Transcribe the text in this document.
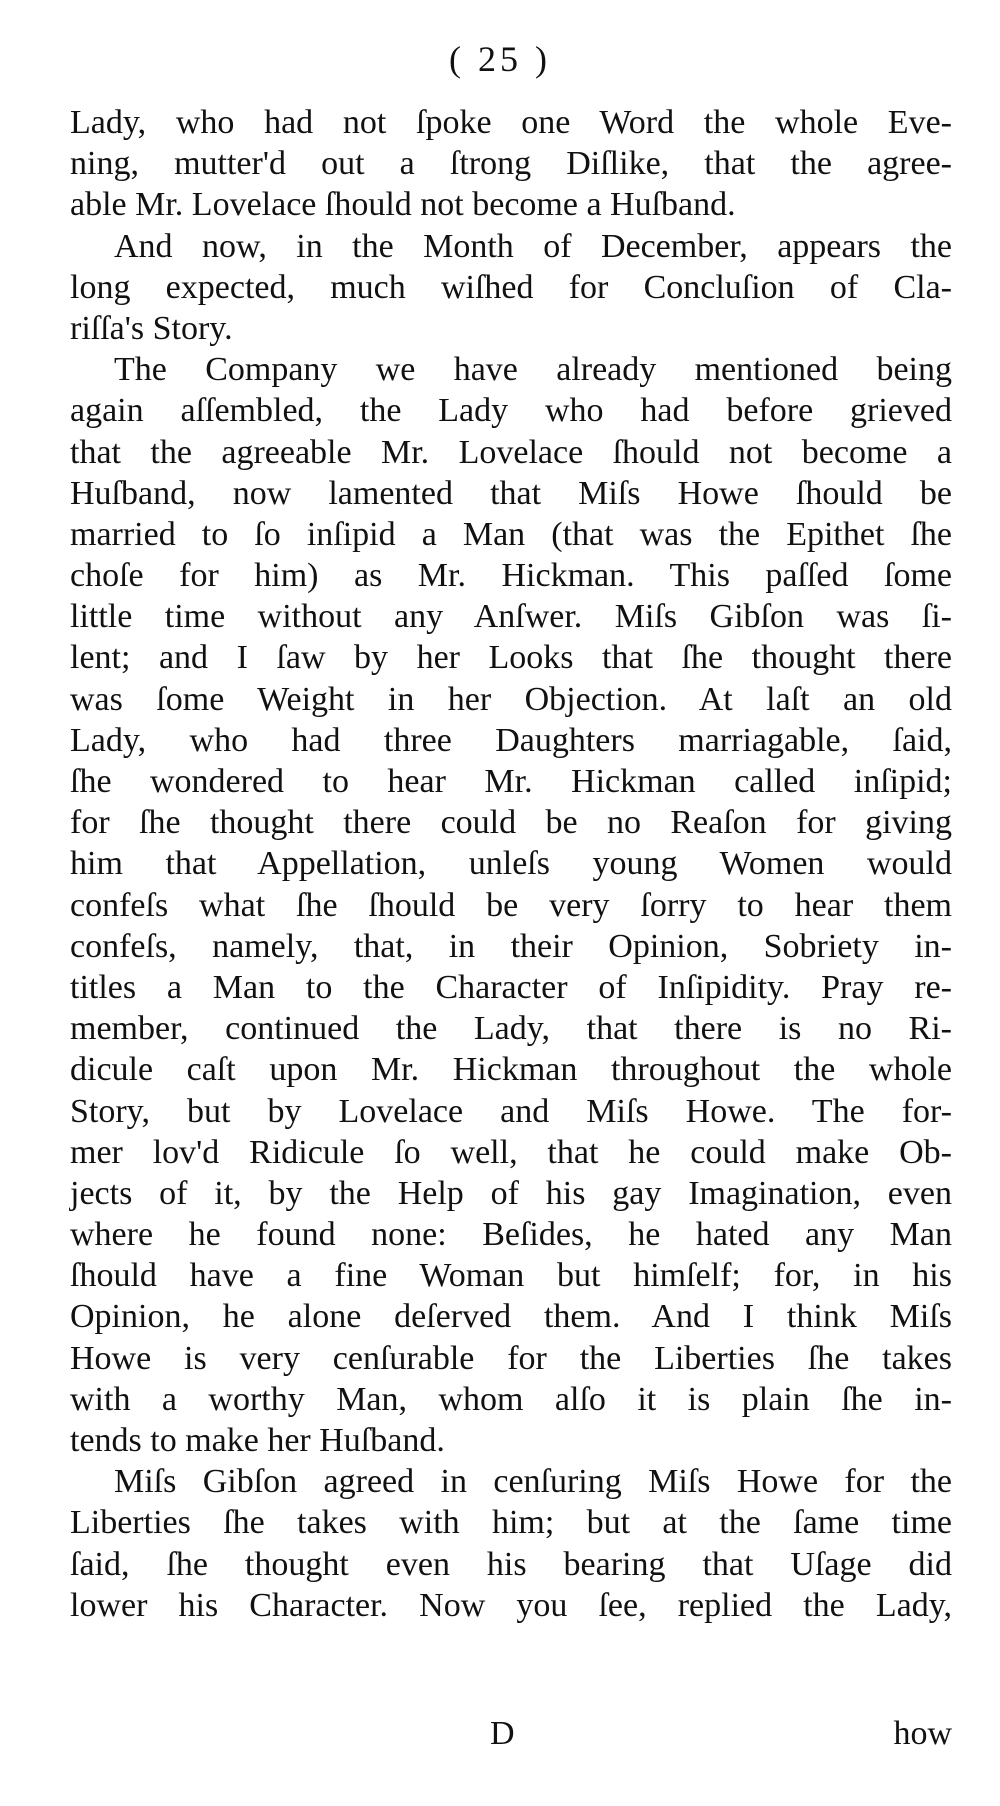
( 25 )
Lady, who had not ſpoke one Word the whole Eve-
ning, mutter'd out a ſtrong Diſlike, that the agree-
able Mr. Lovelace ſhould not become a Huſband.
And now, in the Month of December, appears the
long expected, much wiſhed for Concluſion of Cla-
riſſa's Story.
The Company we have already mentioned being
again aſſembled, the Lady who had before grieved
that the agreeable Mr. Lovelace ſhould not become a
Huſband, now lamented that Miſs Howe ſhould be
married to ſo inſipid a Man (that was the Epithet ſhe
choſe for him) as Mr. Hickman. This paſſed ſome
little time without any Anſwer. Miſs Gibſon was ſi-
lent; and I ſaw by her Looks that ſhe thought there
was ſome Weight in her Objection. At laſt an old
Lady, who had three Daughters marriagable, ſaid,
ſhe wondered to hear Mr. Hickman called inſipid;
for ſhe thought there could be no Reaſon for giving
him that Appellation, unleſs young Women would
confeſs what ſhe ſhould be very ſorry to hear them
confeſs, namely, that, in their Opinion, Sobriety in-
titles a Man to the Character of Inſipidity. Pray re-
member, continued the Lady, that there is no Ri-
dicule caſt upon Mr. Hickman throughout the whole
Story, but by Lovelace and Miſs Howe. The for-
mer lov'd Ridicule ſo well, that he could make Ob-
jects of it, by the Help of his gay Imagination, even
where he found none: Beſides, he hated any Man
ſhould have a fine Woman but himſelf; for, in his
Opinion, he alone deſerved them. And I think Miſs
Howe is very cenſurable for the Liberties ſhe takes
with a worthy Man, whom alſo it is plain ſhe in-
tends to make her Huſband.
Miſs Gibſon agreed in cenſuring Miſs Howe for the
Liberties ſhe takes with him; but at the ſame time
ſaid, ſhe thought even his bearing that Uſage did
lower his Character. Now you ſee, replied the Lady,
D	how
